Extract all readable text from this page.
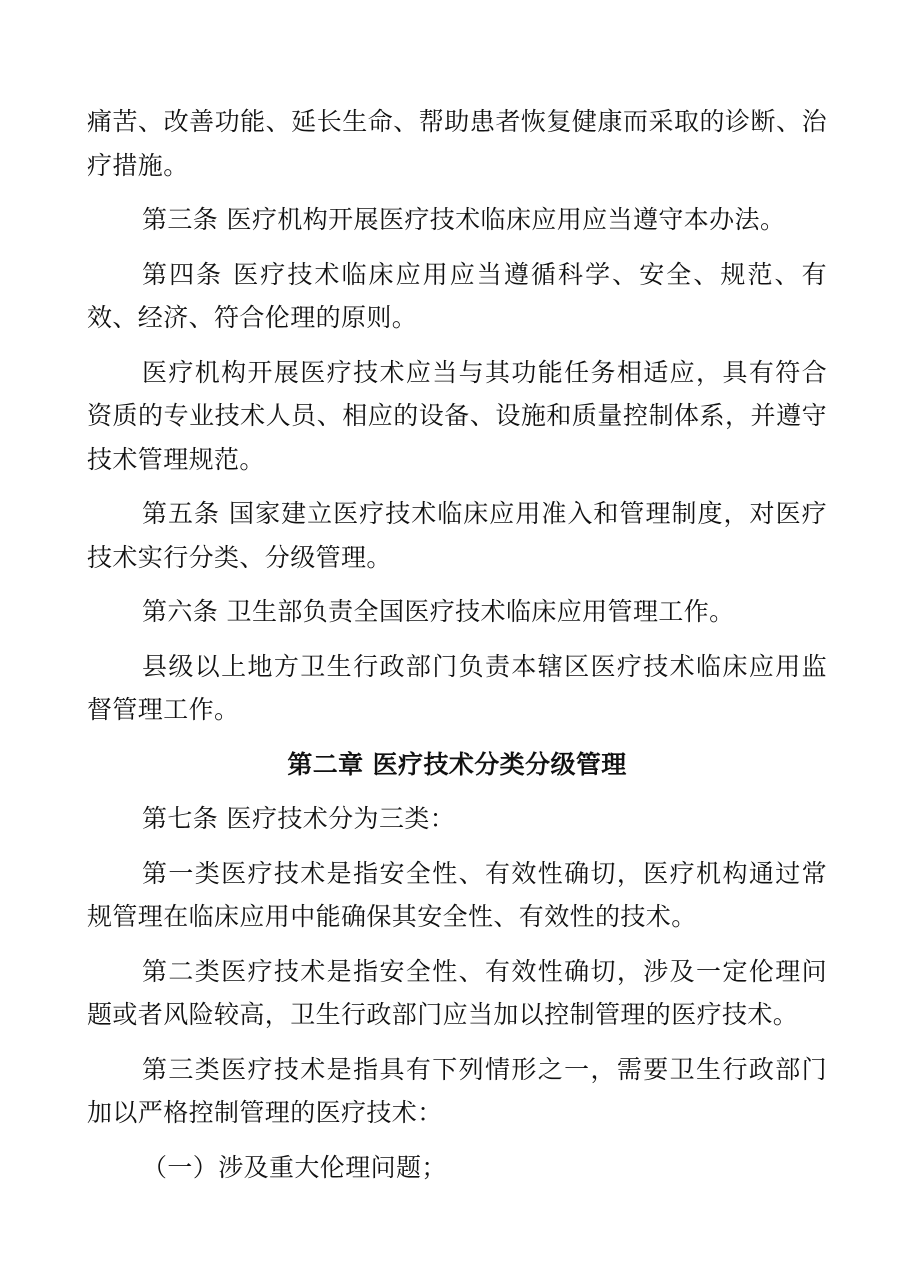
痛苦、改善功能、延长生命、帮助患者恢复健康而采取的诊断、治疗措施。

第三条 医疗机构开展医疗技术临床应用应当遵守本办法。

第四条 医疗技术临床应用应当遵循科学、安全、规范、有效、经济、符合伦理的原则。

医疗机构开展医疗技术应当与其功能任务相适应，具有符合资质的专业技术人员、相应的设备、设施和质量控制体系，并遵守技术管理规范。

第五条 国家建立医疗技术临床应用准入和管理制度，对医疗技术实行分类、分级管理。

第六条 卫生部负责全国医疗技术临床应用管理工作。

县级以上地方卫生行政部门负责本辖区医疗技术临床应用监督管理工作。

第二章 医疗技术分类分级管理

第七条 医疗技术分为三类：

第一类医疗技术是指安全性、有效性确切，医疗机构通过常规管理在临床应用中能确保其安全性、有效性的技术。

第二类医疗技术是指安全性、有效性确切，涉及一定伦理问题或者风险较高，卫生行政部门应当加以控制管理的医疗技术。

第三类医疗技术是指具有下列情形之一，需要卫生行政部门加以严格控制管理的医疗技术：

（一）涉及重大伦理问题；
